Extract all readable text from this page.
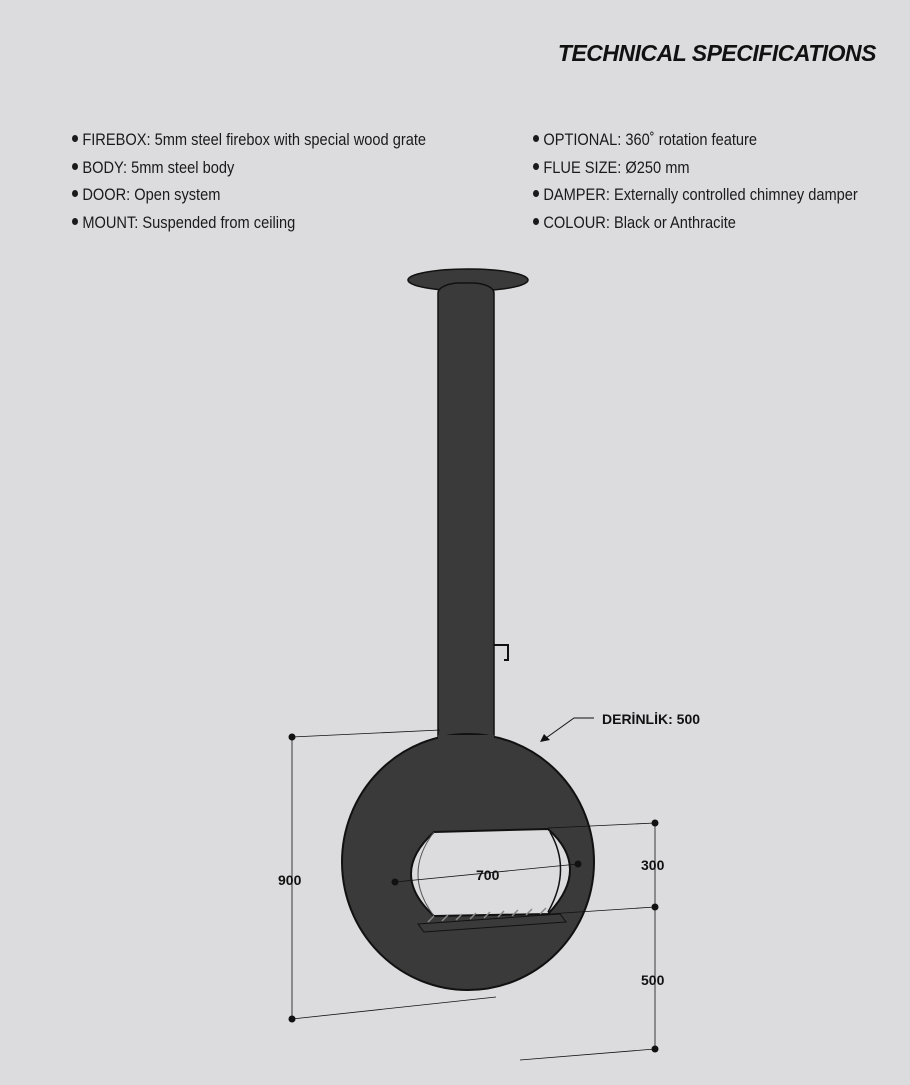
TECHNICAL SPECIFICATIONS
FIREBOX: 5mm steel firebox with special wood grate
BODY: 5mm steel body
DOOR: Open system
MOUNT: Suspended from ceiling
OPTIONAL: 360˚ rotation feature
FLUE SIZE: Ø250 mm
DAMPER: Externally controlled chimney damper
COLOUR: Black or Anthracite
DERİNLİK: 500
900	700
300
500
